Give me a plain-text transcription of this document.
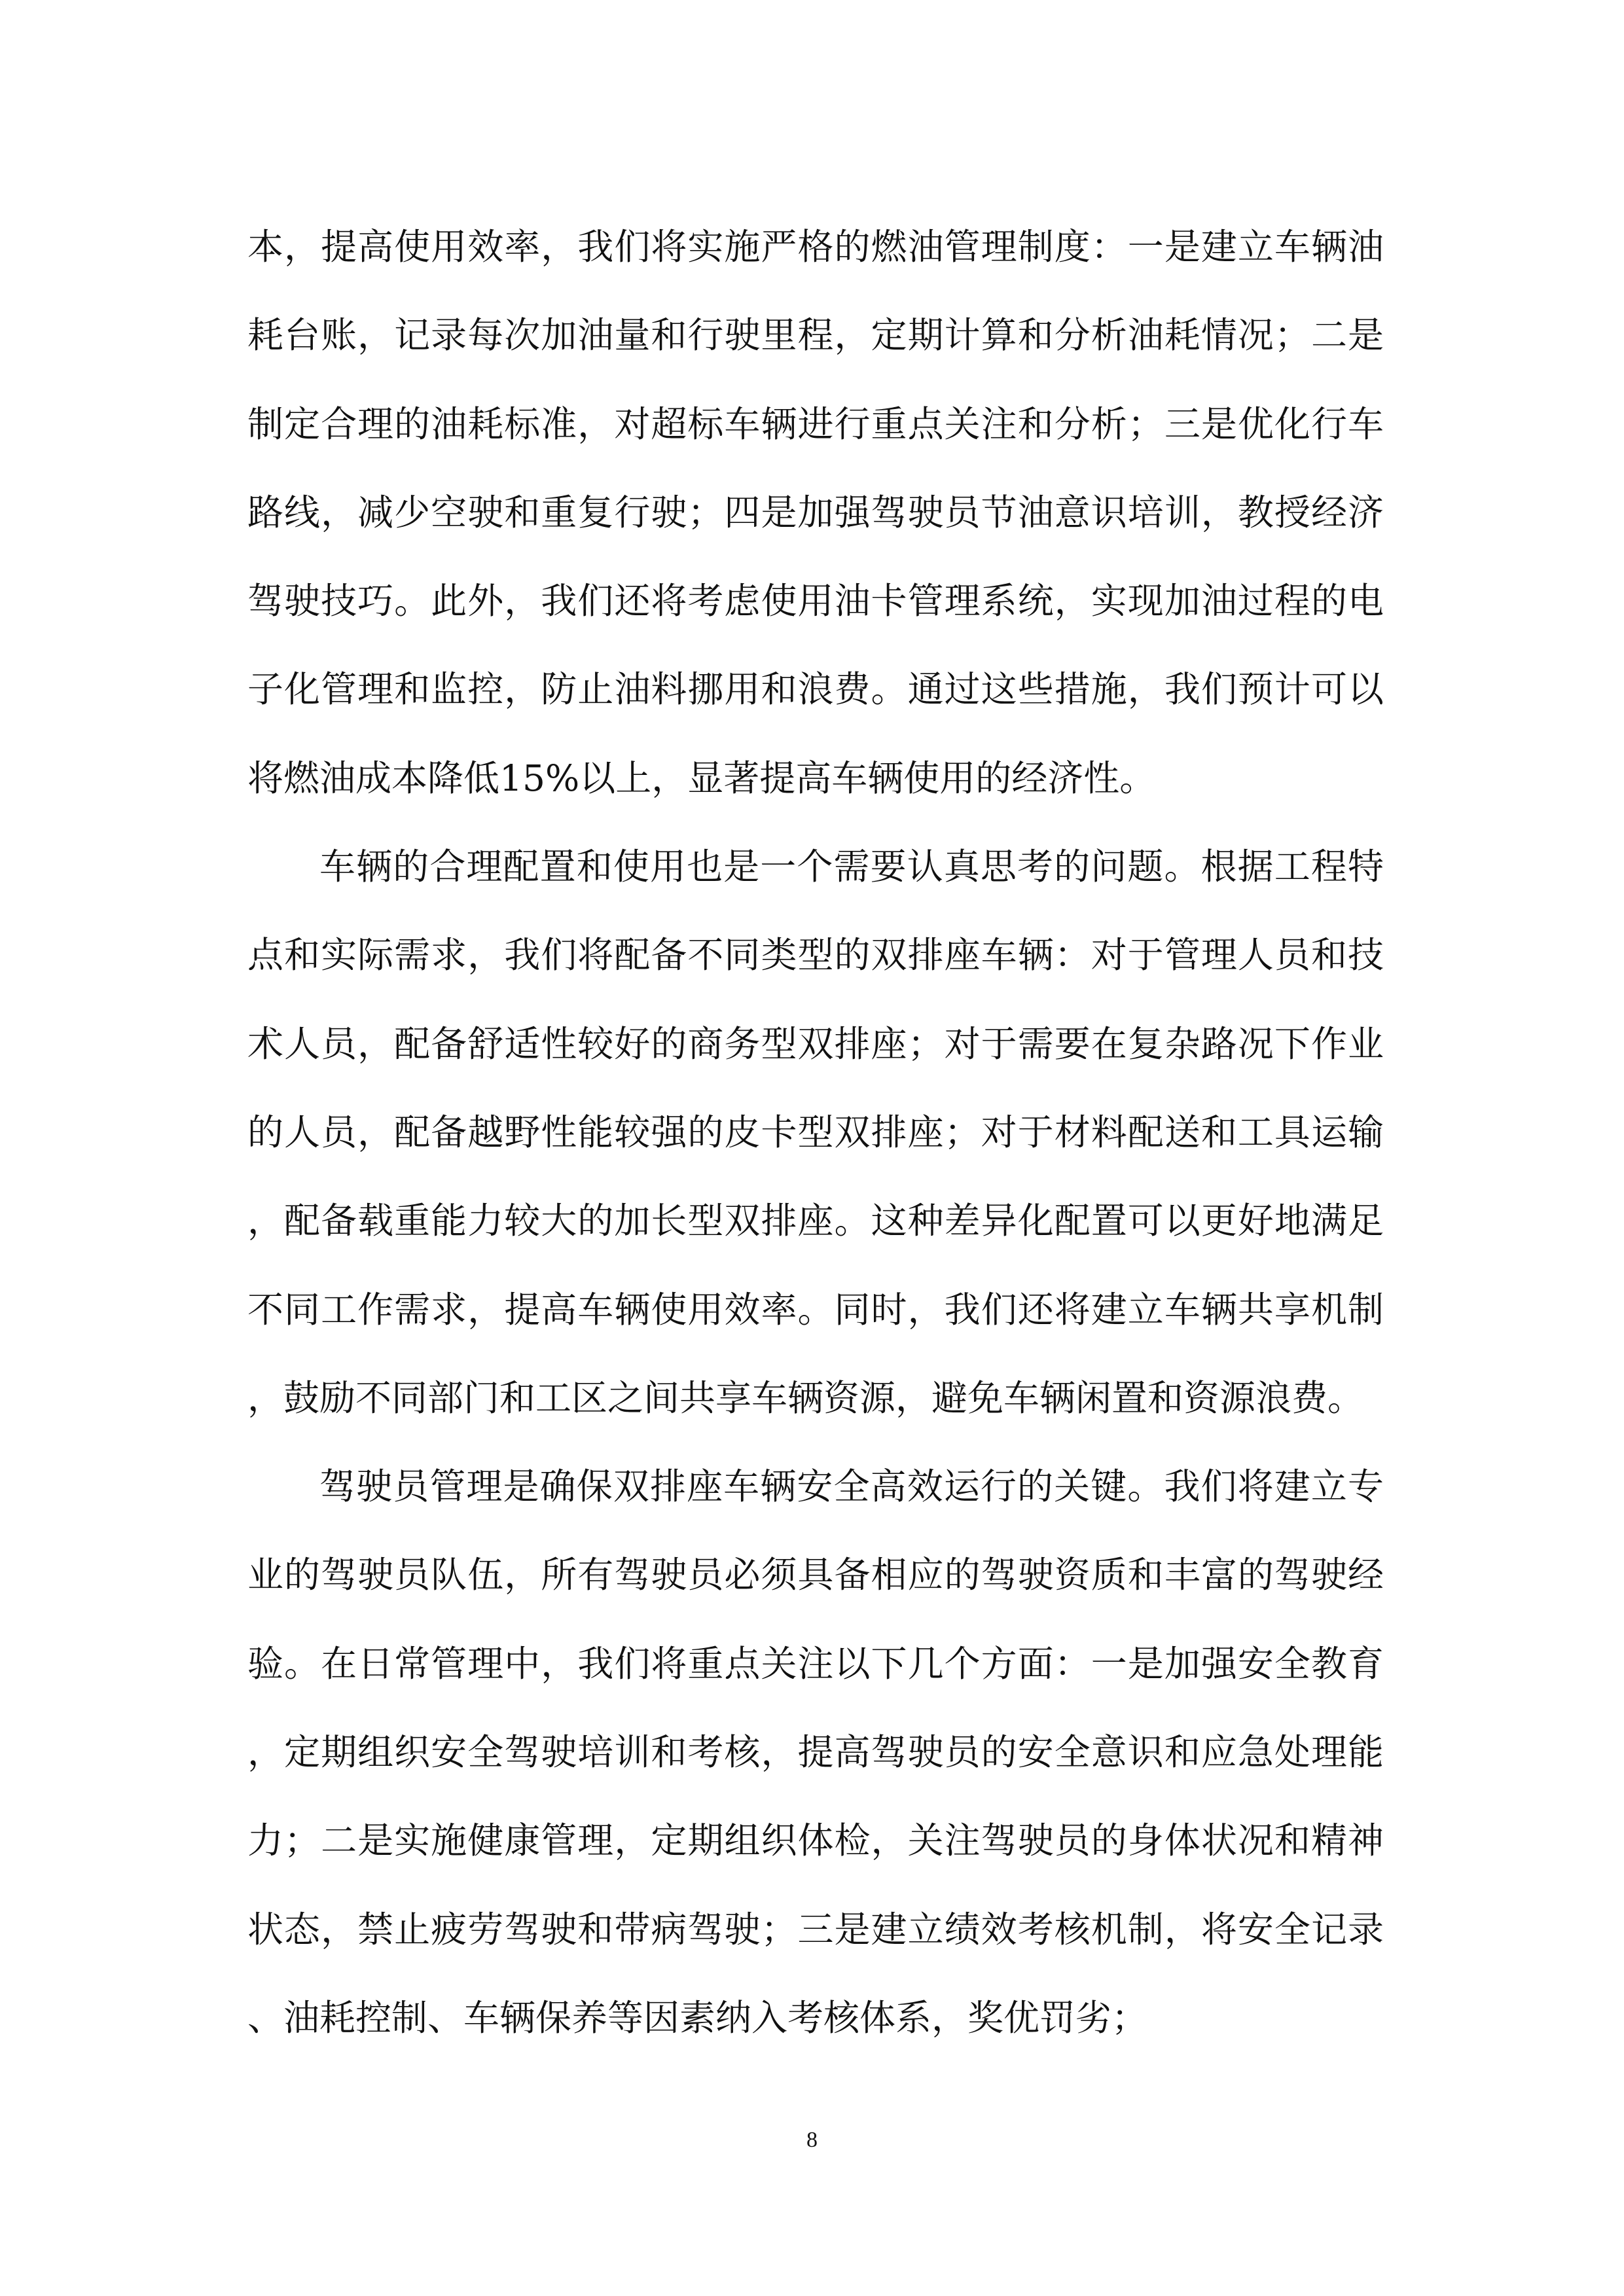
本，提高使用效率，我们将实施严格的燃油管理制度：一是建立车辆油耗台账，记录每次加油量和行驶里程，定期计算和分析油耗情况；二是制定合理的油耗标准，对超标车辆进行重点关注和分析；三是优化行车路线，减少空驶和重复行驶；四是加强驾驶员节油意识培训，教授经济驾驶技巧。此外，我们还将考虑使用油卡管理系统，实现加油过程的电子化管理和监控，防止油料挪用和浪费。通过这些措施，我们预计可以将燃油成本降低15%以上，显著提高车辆使用的经济性。

车辆的合理配置和使用也是一个需要认真思考的问题。根据工程特点和实际需求，我们将配备不同类型的双排座车辆：对于管理人员和技术人员，配备舒适性较好的商务型双排座；对于需要在复杂路况下作业的人员，配备越野性能较强的皮卡型双排座；对于材料配送和工具运输，配备载重能力较大的加长型双排座。这种差异化配置可以更好地满足不同工作需求，提高车辆使用效率。同时，我们还将建立车辆共享机制，鼓励不同部门和工区之间共享车辆资源，避免车辆闲置和资源浪费。

驾驶员管理是确保双排座车辆安全高效运行的关键。我们将建立专业的驾驶员队伍，所有驾驶员必须具备相应的驾驶资质和丰富的驾驶经验。在日常管理中，我们将重点关注以下几个方面：一是加强安全教育，定期组织安全驾驶培训和考核，提高驾驶员的安全意识和应急处理能力；二是实施健康管理，定期组织体检，关注驾驶员的身体状况和精神状态，禁止疲劳驾驶和带病驾驶；三是建立绩效考核机制，将安全记录、油耗控制、车辆保养等因素纳入考核体系，奖优罚劣；

8
